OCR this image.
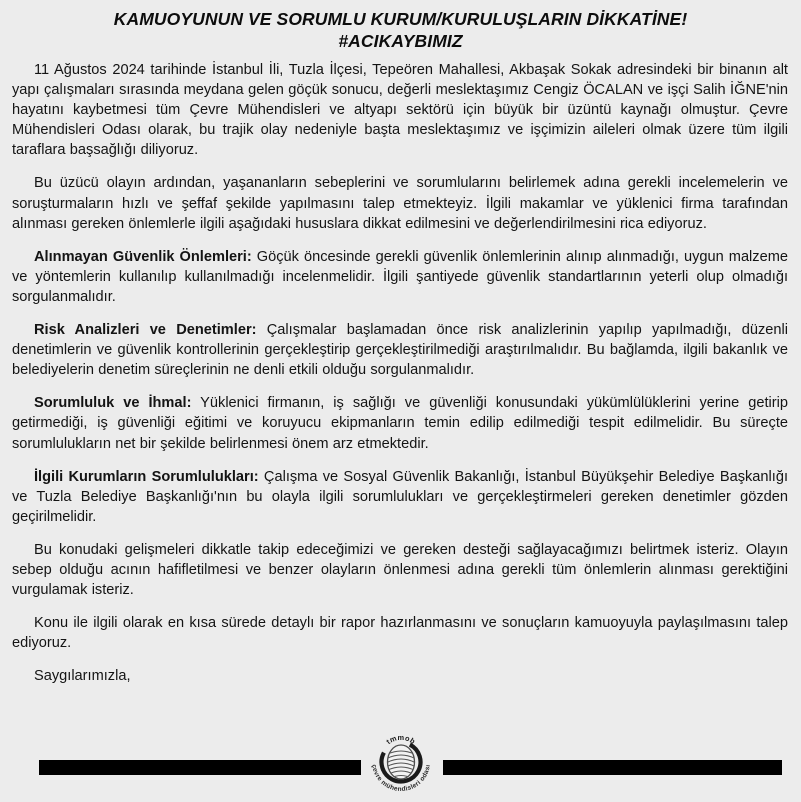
KAMUOYUNUN VE SORUMLU KURUM/KURULUŞLARIN DİKKATİNE!
#ACIKAYBIMIZ

11 Ağustos 2024 tarihinde İstanbul İli, Tuzla İlçesi, Tepeören Mahallesi, Akbaşak Sokak adresindeki bir binanın alt yapı çalışmaları sırasında meydana gelen göçük sonucu, değerli meslektaşımız Cengiz ÖCALAN ve işçi Salih İĞNE'nin hayatını kaybetmesi tüm Çevre Mühendisleri ve altyapı sektörü için büyük bir üzüntü kaynağı olmuştur. Çevre Mühendisleri Odası olarak, bu trajik olay nedeniyle başta meslektaşımız ve işçimizin aileleri olmak üzere tüm ilgili taraflara başsağlığı diliyoruz.

Bu üzücü olayın ardından, yaşananların sebeplerini ve sorumlularını belirlemek adına gerekli incelemelerin ve soruşturmaların hızlı ve şeffaf şekilde yapılmasını talep etmekteyiz. İlgili makamlar ve yüklenici firma tarafından alınması gereken önlemlerle ilgili aşağıdaki hususlara dikkat edilmesini ve değerlendirilmesini rica ediyoruz.

Alınmayan Güvenlik Önlemleri: Göçük öncesinde gerekli güvenlik önlemlerinin alınıp alınmadığı, uygun malzeme ve yöntemlerin kullanılıp kullanılmadığı incelenmelidir. İlgili şantiyede güvenlik standartlarının yeterli olup olmadığı sorgulanmalıdır.

Risk Analizleri ve Denetimler: Çalışmalar başlamadan önce risk analizlerinin yapılıp yapılmadığı, düzenli denetimlerin ve güvenlik kontrollerinin gerçekleştirip gerçekleştirilmediği araştırılmalıdır. Bu bağlamda, ilgili bakanlık ve belediyelerin denetim süreçlerinin ne denli etkili olduğu sorgulanmalıdır.

Sorumluluk ve İhmal: Yüklenici firmanın, iş sağlığı ve güvenliği konusundaki yükümlülüklerini yerine getirip getirmediği, iş güvenliği eğitimi ve koruyucu ekipmanların temin edilip edilmediği tespit edilmelidir. Bu süreçte sorumlulukların net bir şekilde belirlenmesi önem arz etmektedir.

İlgili Kurumların Sorumlulukları: Çalışma ve Sosyal Güvenlik Bakanlığı, İstanbul Büyükşehir Belediye Başkanlığı ve Tuzla Belediye Başkanlığı'nın bu olayla ilgili sorumlulukları ve gerçekleştirmeleri gereken denetimler gözden geçirilmelidir.

Bu konudaki gelişmeleri dikkatle takip edeceğimizi ve gereken desteği sağlayacağımızı belirtmek isteriz. Olayın sebep olduğu acının hafifletilmesi ve benzer olayların önlenmesi adına gerekli tüm önlemlerin alınması gerektiğini vurgulamak isteriz.

Konu ile ilgili olarak en kısa sürede detaylı bir rapor hazırlanmasını ve sonuçların kamuoyuyla paylaşılmasını talep ediyoruz.

Saygılarımızla,

tmmob
çevre mühendisleri odası
